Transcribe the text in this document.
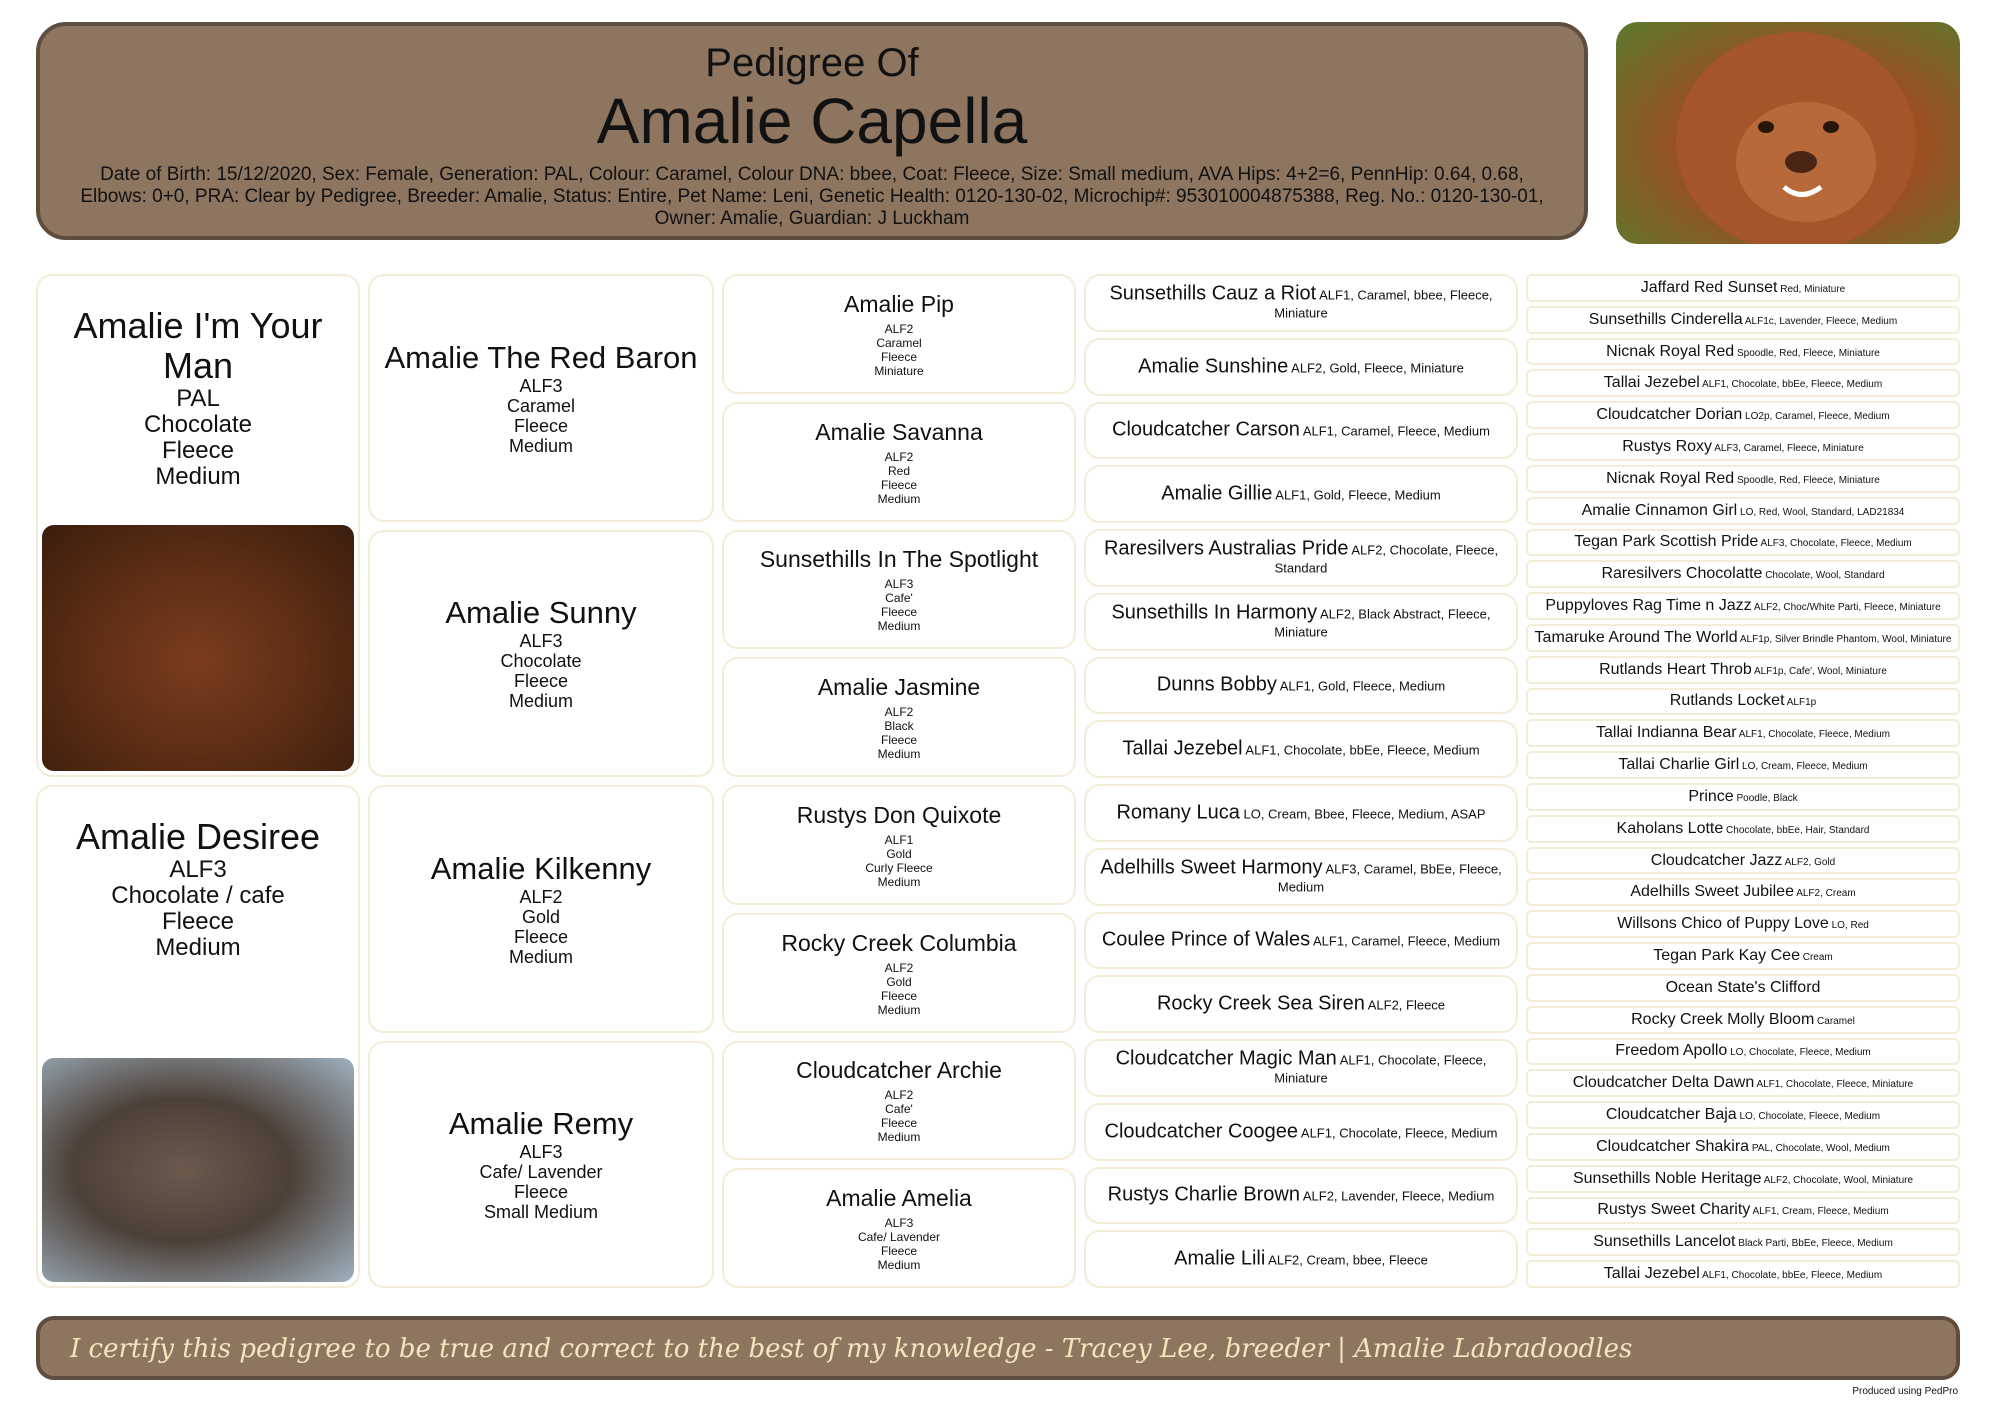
Pedigree Of
Amalie Capella
Date of Birth: 15/12/2020, Sex: Female, Generation: PAL, Colour: Caramel, Colour DNA: bbee, Coat: Fleece, Size: Small medium, AVA Hips: 4+2=6, PennHip: 0.64, 0.68, Elbows: 0+0, PRA: Clear by Pedigree, Breeder: Amalie, Status: Entire, Pet Name: Leni, Genetic Health: 0120-130-02, Microchip#: 953010004875388, Reg. No.: 0120-130-01, Owner: Amalie, Guardian: J Luckham
Amalie I'm Your Man
PAL
Chocolate
Fleece
Medium
Amalie Desiree
ALF3
Chocolate / cafe
Fleece
Medium
Amalie The Red Baron
ALF3
Caramel
Fleece
Medium
Amalie Sunny
ALF3
Chocolate
Fleece
Medium
Amalie Kilkenny
ALF2
Gold
Fleece
Medium
Amalie Remy
ALF3
Cafe/ Lavender
Fleece
Small Medium
Amalie Pip
ALF2
Caramel
Fleece
Miniature
Amalie Savanna
ALF2
Red
Fleece
Medium
Sunsethills In The Spotlight
ALF3
Cafe'
Fleece
Medium
Amalie Jasmine
ALF2
Black
Fleece
Medium
Rustys Don Quixote
ALF1
Gold
Curly Fleece
Medium
Rocky Creek Columbia
ALF2
Gold
Fleece
Medium
Cloudcatcher Archie
ALF2
Cafe'
Fleece
Medium
Amalie Amelia
ALF3
Cafe/ Lavender
Fleece
Medium
Sunsethills Cauz a Riot ALF1, Caramel, bbee, Fleece, Miniature
Amalie Sunshine ALF2, Gold, Fleece, Miniature
Cloudcatcher Carson ALF1, Caramel, Fleece, Medium
Amalie Gillie ALF1, Gold, Fleece, Medium
Raresilvers Australias Pride ALF2, Chocolate, Fleece, Standard
Sunsethills In Harmony ALF2, Black Abstract, Fleece, Miniature
Dunns Bobby ALF1, Gold, Fleece, Medium
Tallai Jezebel ALF1, Chocolate, bbEe, Fleece, Medium
Romany Luca LO, Cream, Bbee, Fleece, Medium, ASAP
Adelhills Sweet Harmony ALF3, Caramel, BbEe, Fleece, Medium
Coulee Prince of Wales ALF1, Caramel, Fleece, Medium
Rocky Creek Sea Siren ALF2, Fleece
Cloudcatcher Magic Man ALF1, Chocolate, Fleece, Miniature
Cloudcatcher Coogee ALF1, Chocolate, Fleece, Medium
Rustys Charlie Brown ALF2, Lavender, Fleece, Medium
Amalie Lili ALF2, Cream, bbee, Fleece
Jaffard Red Sunset Red, Miniature
Sunsethills Cinderella ALF1c, Lavender, Fleece, Medium
Nicnak Royal Red Spoodle, Red, Fleece, Miniature
Tallai Jezebel ALF1, Chocolate, bbEe, Fleece, Medium
Cloudcatcher Dorian LO2p, Caramel, Fleece, Medium
Rustys Roxy ALF3, Caramel, Fleece, Miniature
Nicnak Royal Red Spoodle, Red, Fleece, Miniature
Amalie Cinnamon Girl LO, Red, Wool, Standard, LAD21834
Tegan Park Scottish Pride ALF3, Chocolate, Fleece, Medium
Raresilvers Chocolatte Chocolate, Wool, Standard
Puppyloves Rag Time n Jazz ALF2, Choc/White Parti, Fleece, Miniature
Tamaruke Around The World ALF1p, Silver Brindle Phantom, Wool, Miniature
Rutlands Heart Throb ALF1p, Cafe', Wool, Miniature
Rutlands Locket ALF1p
Tallai Indianna Bear ALF1, Chocolate, Fleece, Medium
Tallai Charlie Girl LO, Cream, Fleece, Medium
Prince Poodle, Black
Kaholans Lotte Chocolate, bbEe, Hair, Standard
Cloudcatcher Jazz ALF2, Gold
Adelhills Sweet Jubilee ALF2, Cream
Willsons Chico of Puppy Love LO, Red
Tegan Park Kay Cee Cream
Ocean State's Clifford
Rocky Creek Molly Bloom Caramel
Freedom Apollo LO, Chocolate, Fleece, Medium
Cloudcatcher Delta Dawn ALF1, Chocolate, Fleece, Miniature
Cloudcatcher Baja LO, Chocolate, Fleece, Medium
Cloudcatcher Shakira PAL, Chocolate, Wool, Medium
Sunsethills Noble Heritage ALF2, Chocolate, Wool, Miniature
Rustys Sweet Charity ALF1, Cream, Fleece, Medium
Sunsethills Lancelot Black Parti, BbEe, Fleece, Medium
Tallai Jezebel ALF1, Chocolate, bbEe, Fleece, Medium
I certify this pedigree to be true and correct to the best of my knowledge - Tracey Lee, breeder | Amalie Labradoodles
Produced using PedPro
